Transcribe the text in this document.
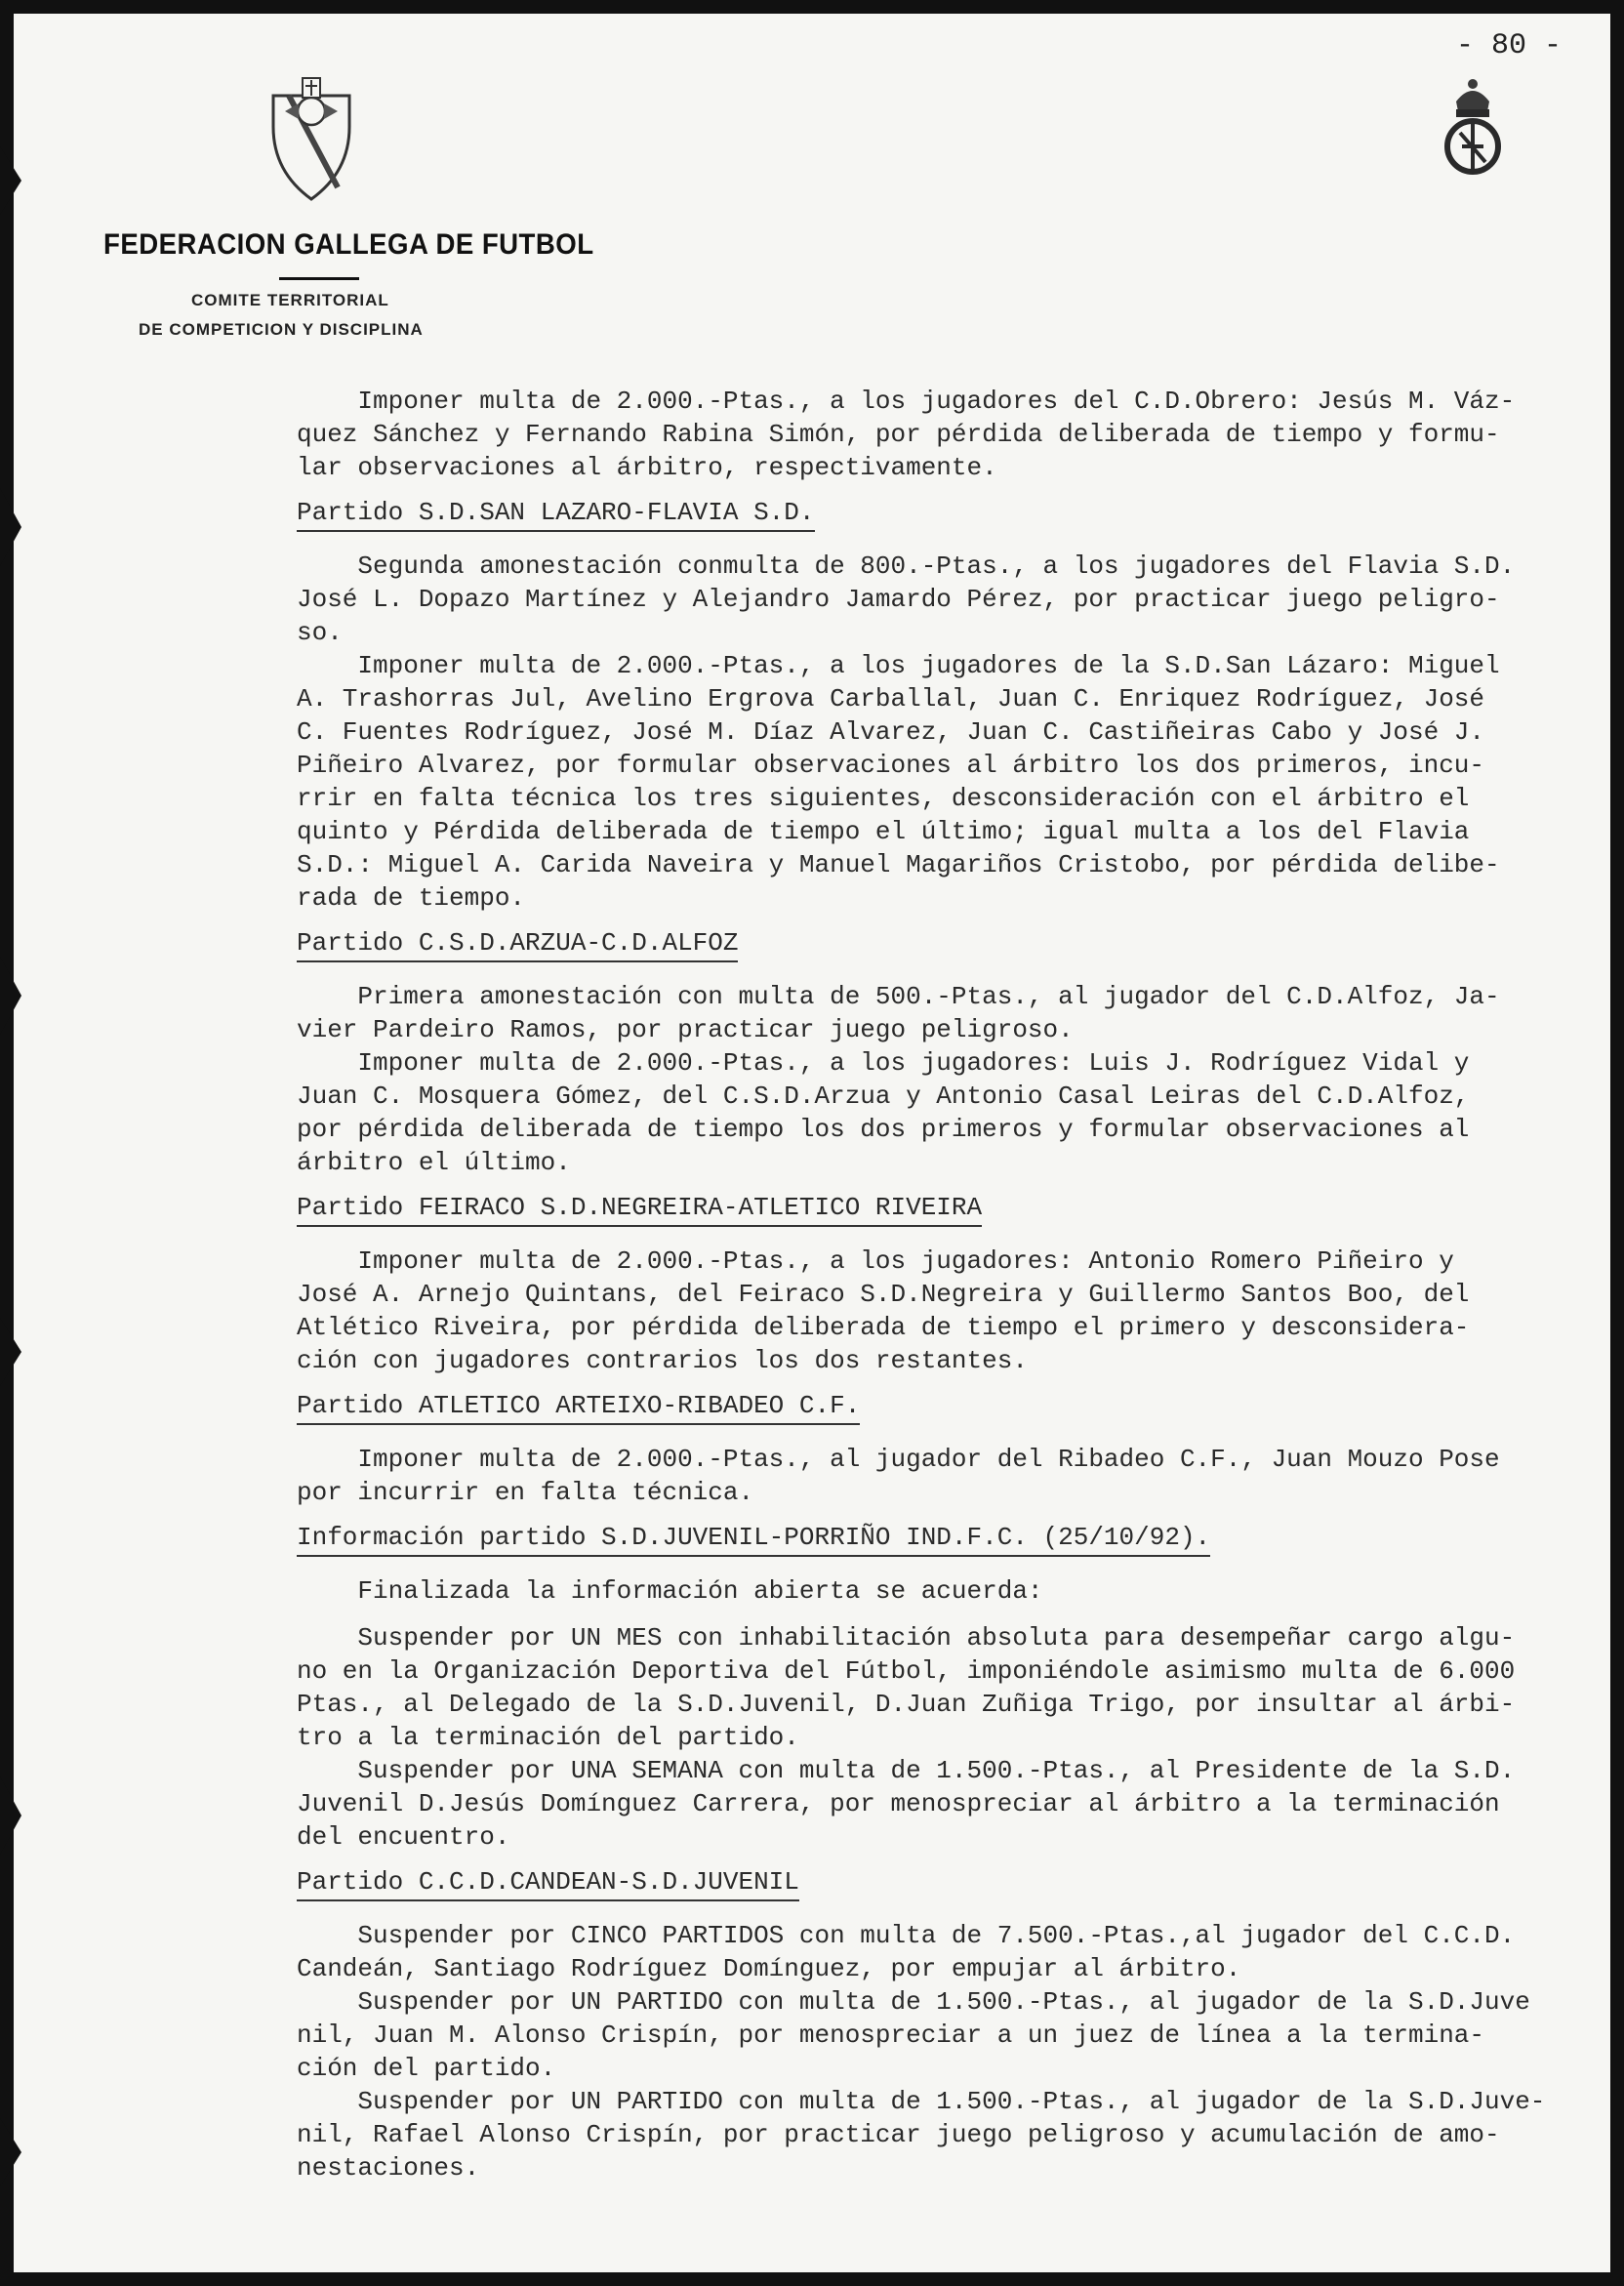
- 80 -
FEDERACION GALLEGA DE FUTBOL
COMITE TERRITORIAL
DE COMPETICION Y DISCIPLINA

Imponer multa de 2.000.-Ptas., a los jugadores del C.D.Obrero: Jesús M. Váz-

quez Sánchez y Fernando Rabina Simón, por pérdida deliberada de tiempo y formu-

lar observaciones al árbitro, respectivamente.

Partido S.D.SAN LAZARO-FLAVIA S.D.

Segunda amonestación conmulta de 800.-Ptas., a los jugadores del Flavia S.D.

José L. Dopazo Martínez y Alejandro Jamardo Pérez, por practicar juego peligro-

so.

Imponer multa de 2.000.-Ptas., a los jugadores de la S.D.San Lázaro: Miguel

A. Trashorras Jul, Avelino Ergrova Carballal, Juan C. Enriquez Rodríguez, José

C. Fuentes Rodríguez, José M. Díaz Alvarez, Juan C. Castiñeiras Cabo y José J.

Piñeiro Alvarez, por formular observaciones al árbitro los dos primeros, incu-

rrir en falta técnica los tres siguientes, desconsideración con el árbitro el

quinto y Pérdida deliberada de tiempo el último; igual multa a los del Flavia

S.D.: Miguel A. Carida Naveira y Manuel Magariños Cristobo, por pérdida delibe-

rada de tiempo.

Partido C.S.D.ARZUA-C.D.ALFOZ

Primera amonestación con multa de 500.-Ptas., al jugador del C.D.Alfoz, Ja-

vier Pardeiro Ramos, por practicar juego peligroso.

Imponer multa de 2.000.-Ptas., a los jugadores: Luis J. Rodríguez Vidal y

Juan C. Mosquera Gómez, del C.S.D.Arzua y Antonio Casal Leiras del C.D.Alfoz,

por pérdida deliberada de tiempo los dos primeros y formular observaciones al

árbitro el último.

Partido FEIRACO S.D.NEGREIRA-ATLETICO RIVEIRA

Imponer multa de 2.000.-Ptas., a los jugadores: Antonio Romero Piñeiro y

José A. Arnejo Quintans, del Feiraco S.D.Negreira y Guillermo Santos Boo, del

Atlético Riveira, por pérdida deliberada de tiempo el primero y desconsidera-

ción con jugadores contrarios los dos restantes.

Partido ATLETICO ARTEIXO-RIBADEO C.F.

Imponer multa de 2.000.-Ptas., al jugador del Ribadeo C.F., Juan Mouzo Pose

por incurrir en falta técnica.

Información partido S.D.JUVENIL-PORRIÑO IND.F.C. (25/10/92).

Finalizada la información abierta se acuerda:

Suspender por UN MES con inhabilitación absoluta para desempeñar cargo algu-

no en la Organización Deportiva del Fútbol, imponiéndole asimismo multa de 6.000

Ptas., al Delegado de la S.D.Juvenil, D.Juan Zuñiga Trigo, por insultar al árbi-

tro a la terminación del partido.

Suspender por UNA SEMANA con multa de 1.500.-Ptas., al Presidente de la S.D.

Juvenil D.Jesús Domínguez Carrera, por menospreciar al árbitro a la terminación

del encuentro.

Partido C.C.D.CANDEAN-S.D.JUVENIL

Suspender por CINCO PARTIDOS con multa de 7.500.-Ptas.,al jugador del C.C.D.

Candeán, Santiago Rodríguez Domínguez, por empujar al árbitro.

Suspender por UN PARTIDO con multa de 1.500.-Ptas., al jugador de la S.D.Juve

nil, Juan M. Alonso Crispín, por menospreciar a un juez de línea a la termina-

ción del partido.

Suspender por UN PARTIDO con multa de 1.500.-Ptas., al jugador de la S.D.Juve-

nil, Rafael Alonso Crispín, por practicar juego peligroso y acumulación de amo-

nestaciones.
